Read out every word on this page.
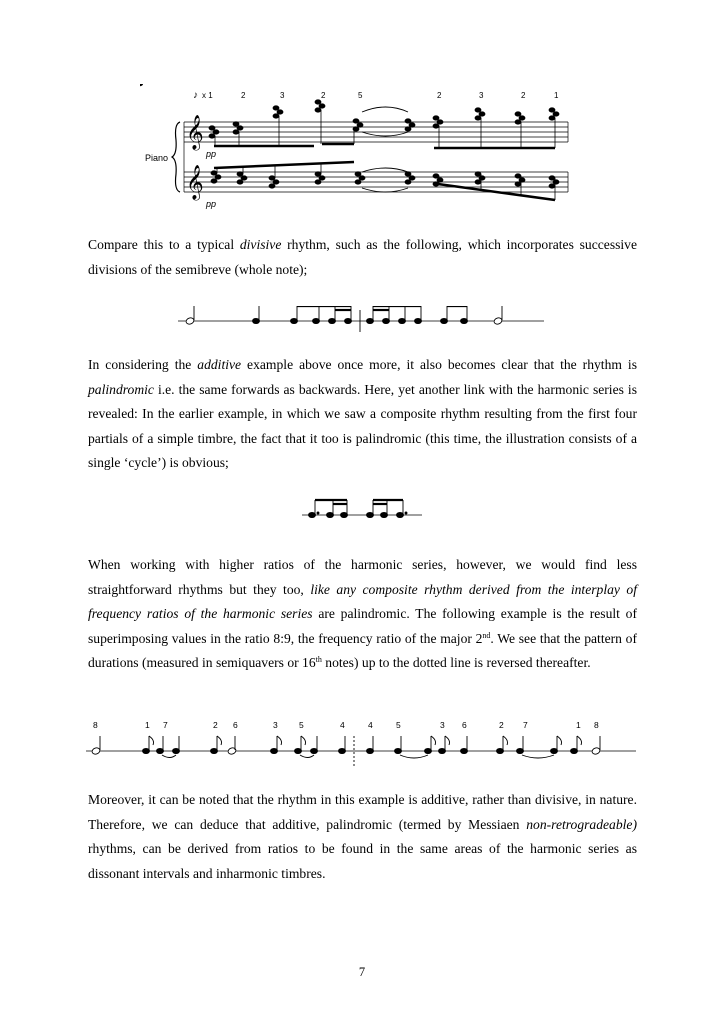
𝄞
𝄞
Piano	pp
pp
♪ x 1	2	3	2	5	2	3	2	1

Compare this to a typical divisive rhythm, such as the following, which incorporates successive divisions of the semibreve (whole note);

In considering the additive example above once more, it also becomes clear that the rhythm is palindromic i.e. the same forwards as backwards. Here, yet another link with the harmonic series is revealed: In the earlier example, in which we saw a composite rhythm resulting from the first four partials of a simple timbre, the fact that it too is palindromic (this time, the illustration consists of a single ‘cycle’) is obvious;

When working with higher ratios of the harmonic series, however, we would find less straightforward rhythms but they too, like any composite rhythm derived from the interplay of frequency ratios of the harmonic series are palindromic. The following example is the result of superimposing values in the ratio 8:9, the frequency ratio of the major 2nd. We see that the pattern of durations (measured in semiquavers or 16th notes) up to the dotted line is reversed thereafter.

8	1 7	2 6	3	5	4	4	5	3 6	2 7	1 8

Moreover, it can be noted that the rhythm in this example is additive, rather than divisive, in nature. Therefore, we can deduce that additive, palindromic (termed by Messiaen non-retrogradeable) rhythms, can be derived from ratios to be found in the same areas of the harmonic series as dissonant intervals and inharmonic timbres.

7
